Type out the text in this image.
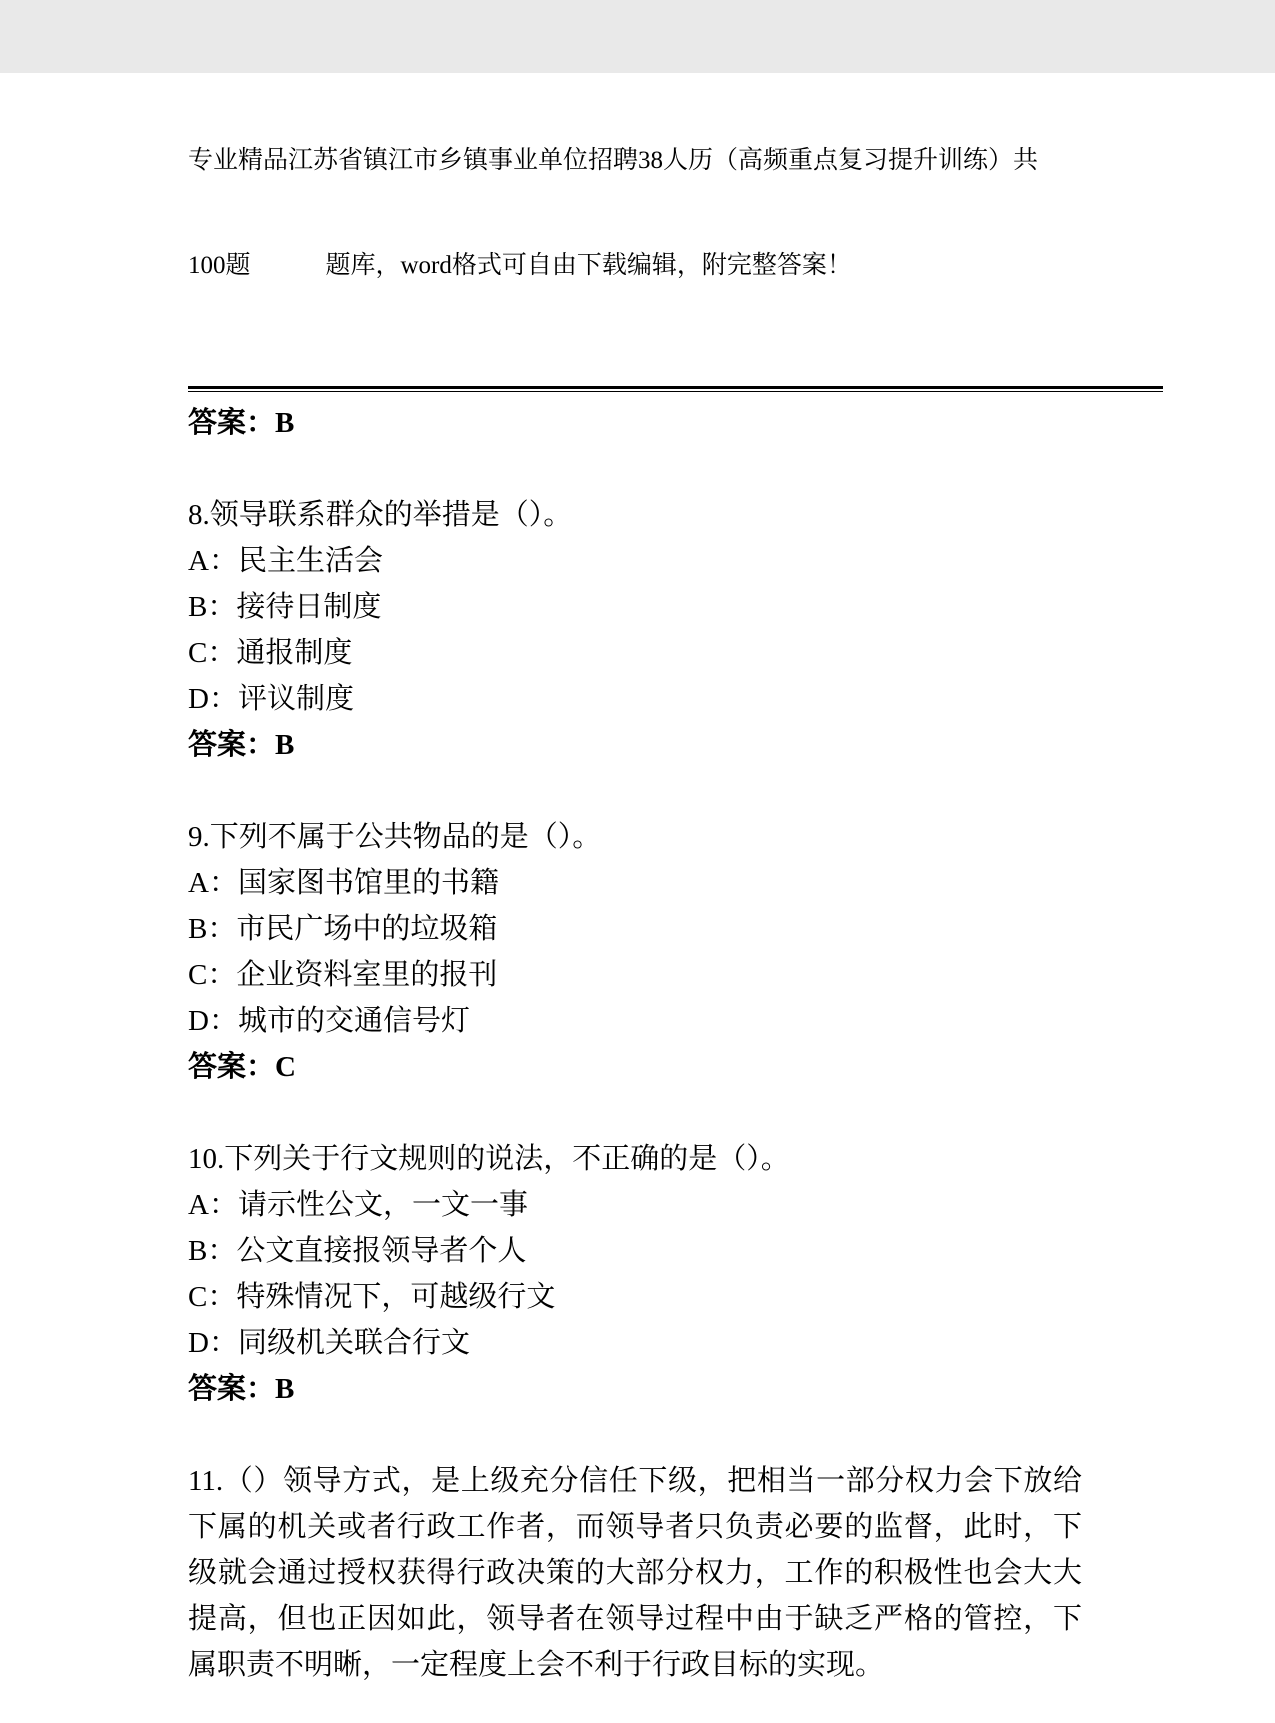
专业精品江苏省镇江市乡镇事业单位招聘38人历（高频重点复习提升训练）共

100题　　　题库，word格式可自由下载编辑，附完整答案！

答案：B

8.领导联系群众的举措是（）。

A：民主生活会

B：接待日制度

C：通报制度

D：评议制度

答案：B

9.下列不属于公共物品的是（）。

A：国家图书馆里的书籍

B：市民广场中的垃圾箱

C：企业资料室里的报刊

D：城市的交通信号灯

答案：C

10.下列关于行文规则的说法，不正确的是（）。

A：请示性公文，一文一事

B：公文直接报领导者个人

C：特殊情况下，可越级行文

D：同级机关联合行文

答案：B

11.（）领导方式，是上级充分信任下级，把相当一部分权力会下放给

下属的机关或者行政工作者，而领导者只负责必要的监督，此时，下

级就会通过授权获得行政决策的大部分权力，工作的积极性也会大大

提高，但也正因如此，领导者在领导过程中由于缺乏严格的管控，下

属职责不明晰，一定程度上会不利于行政目标的实现。
